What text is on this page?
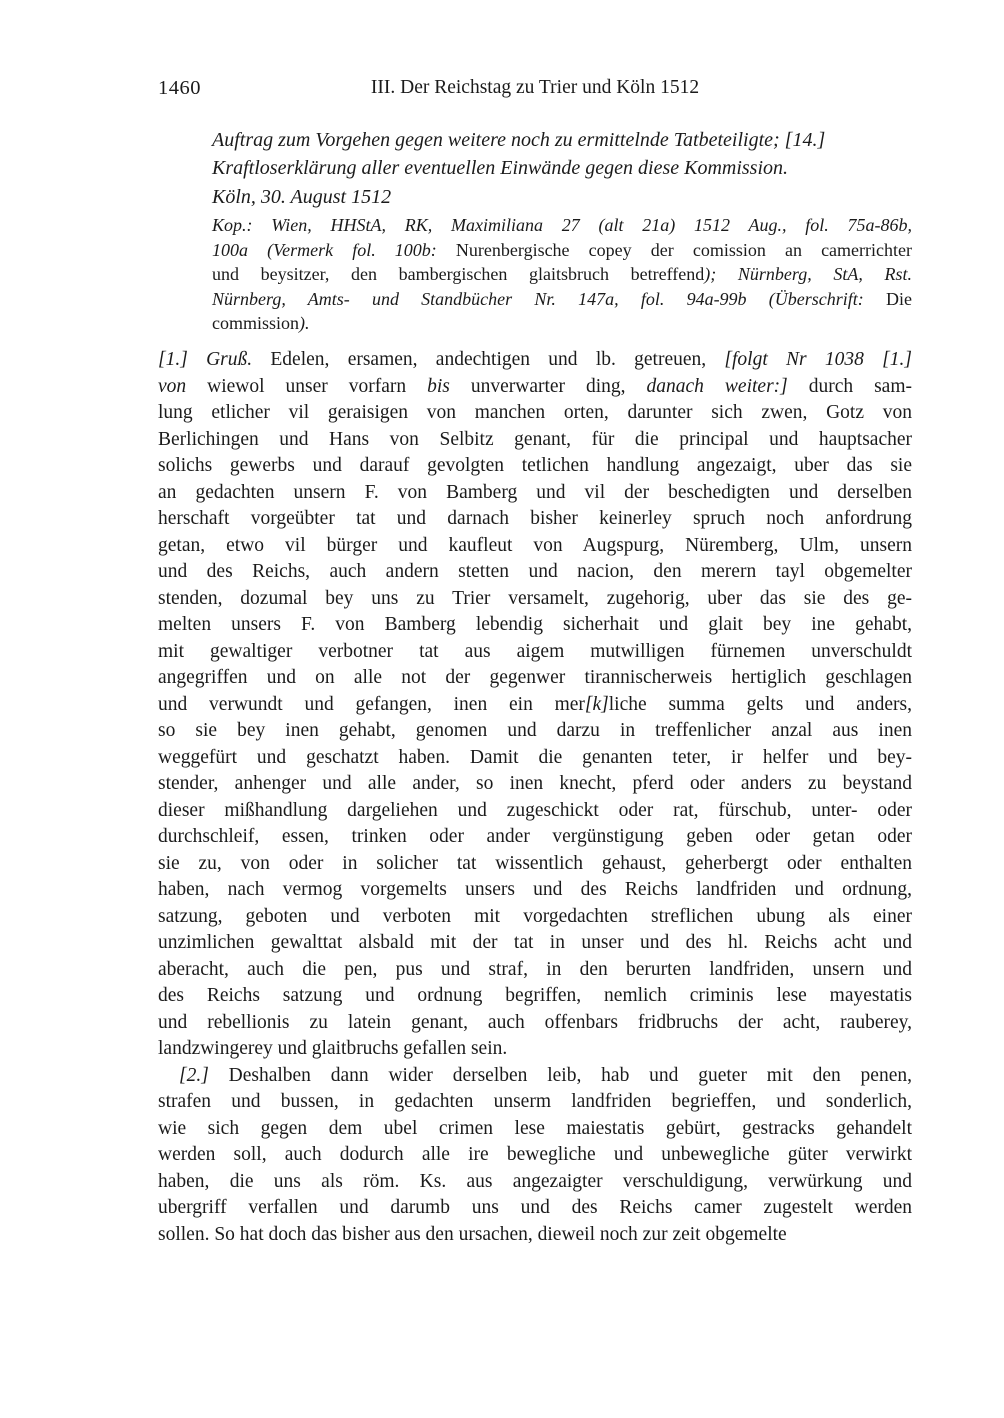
1460	III. Der Reichstag zu Trier und Köln 1512
Auftrag zum Vorgehen gegen weitere noch zu ermittelnde Tatbeteiligte; [14.]
Kraftloserklärung aller eventuellen Einwände gegen diese Kommission.
Köln, 30. August 1512
Kop.: Wien, HHStA, RK, Maximiliana 27 (alt 21a) 1512 Aug., fol. 75a-86b,
100a (Vermerk fol. 100b: Nurenbergische copey der comission an camerrichter
und beysitzer, den bambergischen glaitsbruch betreffend); Nürnberg, StA, Rst.
Nürnberg, Amts- und Standbücher Nr. 147a, fol. 94a-99b (Überschrift: Die
commission).
[1.] Gruß. Edelen, ersamen, andechtigen und lb. getreuen, [folgt Nr 1038 [1.]
von wiewol unser vorfarn bis unverwarter ding, danach weiter:] durch sam-
lung etlicher vil geraisigen von manchen orten, darunter sich zwen, Gotz von
Berlichingen und Hans von Selbitz genant, für die principal und hauptsacher
solichs gewerbs und darauf gevolgten tetlichen handlung angezaigt, uber das sie
an gedachten unsern F. von Bamberg und vil der beschedigten und derselben
herschaft vorgeübter tat und darnach bisher keinerley spruch noch anfordrung
getan, etwo vil bürger und kaufleut von Augspurg, Nüremberg, Ulm, unsern
und des Reichs, auch andern stetten und nacion, den merern tayl obgemelter
stenden, dozumal bey uns zu Trier versamelt, zugehorig, uber das sie des ge-
melten unsers F. von Bamberg lebendig sicherhait und glait bey ine gehabt,
mit gewaltiger verbotner tat aus aigem mutwilligen fürnemen unverschuldt
angegriffen und on alle not der gegenwer tirannischerweis hertiglich geschlagen
und verwundt und gefangen, inen ein mer[k]liche summa gelts und anders,
so sie bey inen gehabt, genomen und darzu in treffenlicher anzal aus inen
weggefürt und geschatzt haben. Damit die genanten teter, ir helfer und bey-
stender, anhenger und alle ander, so inen knecht, pferd oder anders zu beystand
dieser mißhandlung dargeliehen und zugeschickt oder rat, fürschub, unter- oder
durchschleif, essen, trinken oder ander vergünstigung geben oder getan oder
sie zu, von oder in solicher tat wissentlich gehaust, geherbergt oder enthalten
haben, nach vermog vorgemelts unsers und des Reichs landfriden und ordnung,
satzung, geboten und verboten mit vorgedachten streflichen ubung als einer
unzimlichen gewalttat alsbald mit der tat in unser und des hl. Reichs acht und
aberacht, auch die pen, pus und straf, in den berurten landfriden, unsern und
des Reichs satzung und ordnung begriffen, nemlich criminis lese mayestatis
und rebellionis zu latein genant, auch offenbars fridbruchs der acht, rauberey,
landzwingerey und glaitbruchs gefallen sein.
[2.] Deshalben dann wider derselben leib, hab und gueter mit den penen,
strafen und bussen, in gedachten unserm landfriden begrieffen, und sonderlich,
wie sich gegen dem ubel crimen lese maiestatis gebürt, gestracks gehandelt
werden soll, auch dodurch alle ire bewegliche und unbewegliche güter verwirkt
haben, die uns als röm. Ks. aus angezaigter verschuldigung, verwürkung und
ubergriff verfallen und darumb uns und des Reichs camer zugestelt werden
sollen. So hat doch das bisher aus den ursachen, dieweil noch zur zeit obgemelte
